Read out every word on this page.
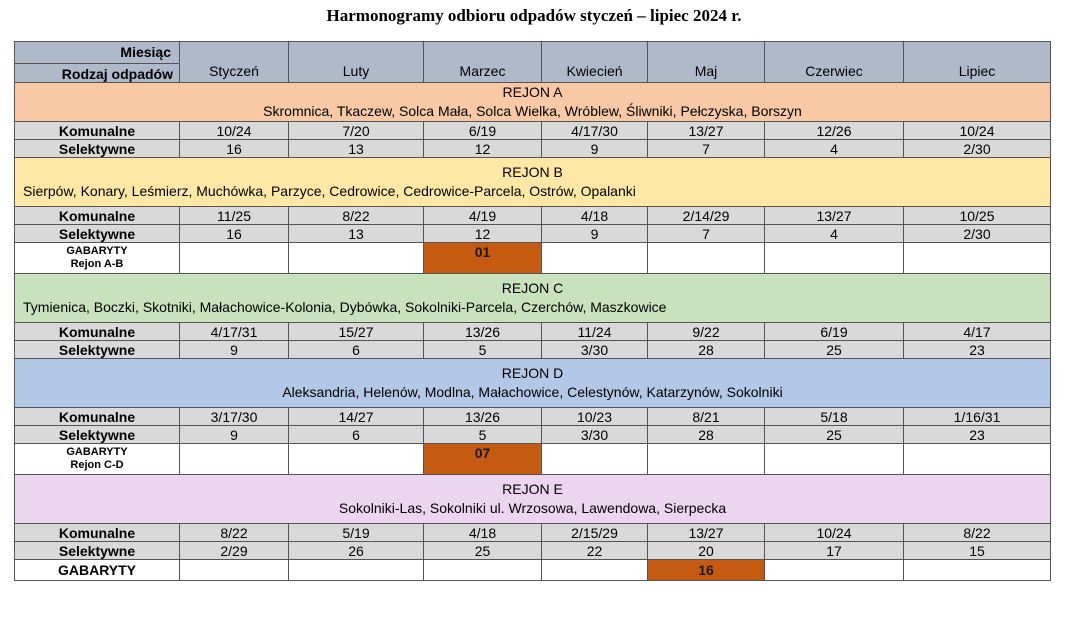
Harmonogramy odbioru odpadów styczeń – lipiec 2024 r.
Miesiąc
Rodzaj odpadów	Styczeń	Luty	Marzec	Kwiecień	Maj	Czerwiec	Lipiec

REJON A
Skromnica, Tkaczew, Solca Mała, Solca Wielka, Wróblew, Śliwniki, Pełczyska, Borszyn							

Komunalne	10/24	7/20	6/19	4/17/30	13/27	12/26	10/24
Selektywne	16	13	12	9	7	4	2/30

REJON B
Sierpów, Konary, Leśmierz, Muchówka, Parzyce, Cedrowice, Cedrowice-Parcela, Ostrów, Opalanki							

Komunalne	11/25	8/22	4/19	4/18	2/14/29	13/27	10/25
Selektywne	16	13	12	9	7	4	2/30

GABARYTY
Rejon A-B			01				

REJON C
Tymienica, Boczki, Skotniki, Małachowice-Kolonia, Dybówka, Sokolniki-Parcela, Czerchów, Maszkowice							

Komunalne	4/17/31	15/27	13/26	11/24	9/22	6/19	4/17
Selektywne	9	6	5	3/30	28	25	23

REJON D
Aleksandria, Helenów, Modlna, Małachowice, Celestynów, Katarzynów, Sokolniki							

Komunalne	3/17/30	14/27	13/26	10/23	8/21	5/18	1/16/31
Selektywne	9	6	5	3/30	28	25	23

GABARYTY
Rejon C-D			07				

REJON E
Sokolniki-Las, Sokolniki ul. Wrzosowa, Lawendowa, Sierpecka							

Komunalne	8/22	5/19	4/18	2/15/29	13/27	10/24	8/22
Selektywne	2/29	26	25	22	20	17	15
GABARYTY					16		
